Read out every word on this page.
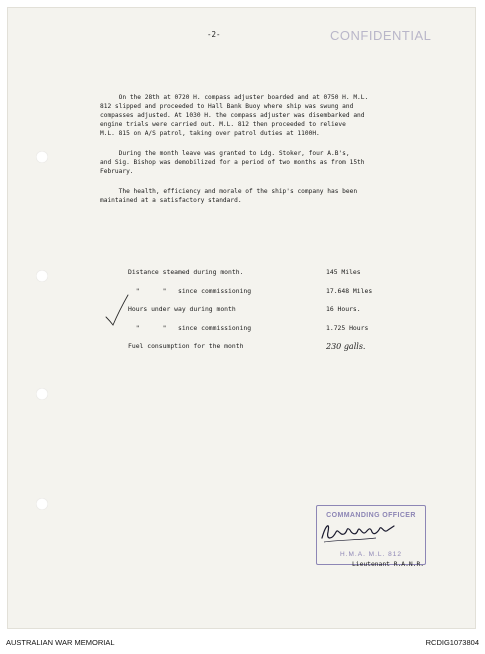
-2-	CONFIDENTIAL

On the 28th at 0720 H. compass adjuster boarded and at 0750 H. M.L.
812 slipped and proceeded to Hall Bank Buoy where ship was swung and
compasses adjusted. At 1030 H. the compass adjuster was disembarked and
engine trials were carried out. M.L. 812 then proceeded to relieve
M.L. 815 on A/S patrol, taking over patrol duties at 1100H.

During the month leave was granted to Ldg. Stoker, four A.B's,
and Sig. Bishop was demobilized for a period of two months as from 15th
February.

The health, efficiency and morale of the ship's company has been
maintained at a satisfactory standard.

Distance steamed during month.	145 Miles
"      "   since commissioning	17.648 Miles
Hours under way during month	16 Hours.
"      "   since commissioning	1.725 Hours
Fuel consumption for the month	230 galls.
COMMANDING OFFICER
H.M.A. M.L. 812
Lieutenant R.A.N.R.
AUSTRALIAN WAR MEMORIAL	RCDIG1073804
